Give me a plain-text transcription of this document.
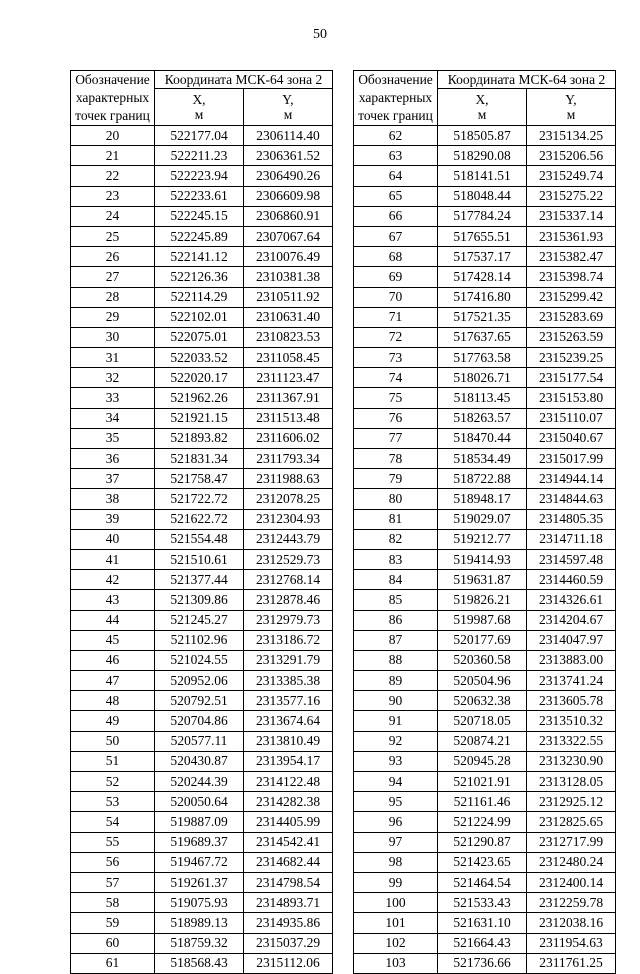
50
Обозначение характерных точек границ	Координата МСК-64 зона 2	
	X,
м	Y,
м
20	522177.04	2306114.40
21	522211.23	2306361.52
22	522223.94	2306490.26
23	522233.61	2306609.98
24	522245.15	2306860.91
25	522245.89	2307067.64
26	522141.12	2310076.49
27	522126.36	2310381.38
28	522114.29	2310511.92
29	522102.01	2310631.40
30	522075.01	2310823.53
31	522033.52	2311058.45
32	522020.17	2311123.47
33	521962.26	2311367.91
34	521921.15	2311513.48
35	521893.82	2311606.02
36	521831.34	2311793.34
37	521758.47	2311988.63
38	521722.72	2312078.25
39	521622.72	2312304.93
40	521554.48	2312443.79
41	521510.61	2312529.73
42	521377.44	2312768.14
43	521309.86	2312878.46
44	521245.27	2312979.73
45	521102.96	2313186.72
46	521024.55	2313291.79
47	520952.06	2313385.38
48	520792.51	2313577.16
49	520704.86	2313674.64
50	520577.11	2313810.49
51	520430.87	2313954.17
52	520244.39	2314122.48
53	520050.64	2314282.38
54	519887.09	2314405.99
55	519689.37	2314542.41
56	519467.72	2314682.44
57	519261.37	2314798.54
58	519075.93	2314893.71
59	518989.13	2314935.86
60	518759.32	2315037.29
61	518568.43	2315112.06
Обозначение характерных точек границ	Координата МСК-64 зона 2	
	X,
м	Y,
м
62	518505.87	2315134.25
63	518290.08	2315206.56
64	518141.51	2315249.74
65	518048.44	2315275.22
66	517784.24	2315337.14
67	517655.51	2315361.93
68	517537.17	2315382.47
69	517428.14	2315398.74
70	517416.80	2315299.42
71	517521.35	2315283.69
72	517637.65	2315263.59
73	517763.58	2315239.25
74	518026.71	2315177.54
75	518113.45	2315153.80
76	518263.57	2315110.07
77	518470.44	2315040.67
78	518534.49	2315017.99
79	518722.88	2314944.14
80	518948.17	2314844.63
81	519029.07	2314805.35
82	519212.77	2314711.18
83	519414.93	2314597.48
84	519631.87	2314460.59
85	519826.21	2314326.61
86	519987.68	2314204.67
87	520177.69	2314047.97
88	520360.58	2313883.00
89	520504.96	2313741.24
90	520632.38	2313605.78
91	520718.05	2313510.32
92	520874.21	2313322.55
93	520945.28	2313230.90
94	521021.91	2313128.05
95	521161.46	2312925.12
96	521224.99	2312825.65
97	521290.87	2312717.99
98	521423.65	2312480.24
99	521464.54	2312400.14
100	521533.43	2312259.78
101	521631.10	2312038.16
102	521664.43	2311954.63
103	521736.66	2311761.25
